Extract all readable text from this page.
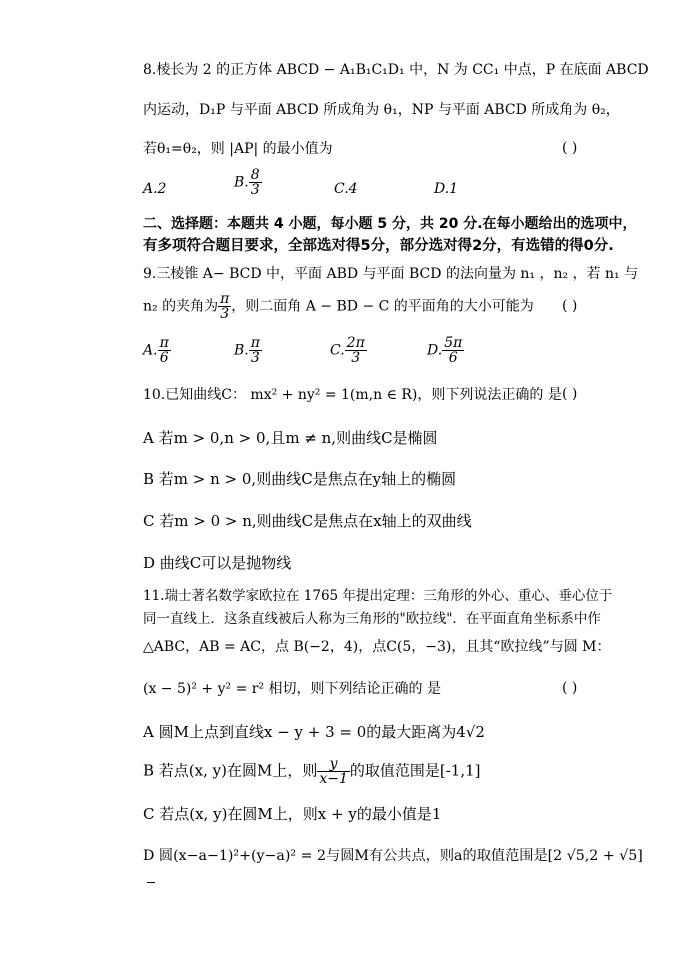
8.棱长为 2 的正方体 ABCD − A₁B₁C₁D₁ 中，N 为 CC₁ 中点，P 在底面 ABCD
内运动，D₁P 与平面 ABCD 所成角为 θ₁，NP 与平面 ABCD 所成角为 θ₂，
若θ₁=θ₂，则 |AP| 的最小值为	( )
A.2	B. $\frac{8}{3}$	C.4	D.1
二、选择题：本题共 4 小题，每小题 5 分，共 20 分.在每小题给出的选项中，
有多项符合题目要求，全部选对得5分，部分选对得2分，有选错的得0分.
9.三棱锥 A− BCD 中，平面 ABD 与平面 BCD 的法向量为 n₁ ，n₂ ，若 n₁ 与
n₂ 的夹角为 $\frac{\pi}{3}$ ，则二面角 A − BD − C 的平面角的大小可能为	( )
A. $\frac{\pi}{6}$	B. $\frac{\pi}{3}$	C. $\frac{2\pi}{3}$	D. $\frac{5\pi}{6}$
10.已知曲线C： mx² + ny² = 1(m,n ∈ R)，则下列说法正确的 是 ( )
A 若m > 0,n > 0,且m ≠ n,则曲线C是椭圆
B 若m > n > 0,则曲线C是焦点在y轴上的椭圆
C 若m > 0 > n,则曲线C是焦点在x轴上的双曲线
D 曲线C可以是抛物线
11.瑞士著名数学家欧拉在 1765 年提出定理：三角形的外心、重心、垂心位于
同一直线上．这条直线被后人称为三角形的"欧拉线"．在平面直角坐标系中作
△ABC，AB = AC，点 B(−2，4)，点C(5，−3)，且其“欧拉线”与圆 M：
(x − 5)² + y² = r² 相切，则下列结论正确的 是	( )
A 圆M上点到直线x − y + 3 = 0的最大距离为4√2
B 若点(x, y)在圆M上，则 $\frac{y}{x-1}$ 的取值范围是[-1,1]
C 若点(x, y)在圆M上，则x + y的最小值是1
D 圆(x−a−1)²+(y−a)² = 2与圆M有公共点，则a的取值范围是[2 √5,2 + √5]
